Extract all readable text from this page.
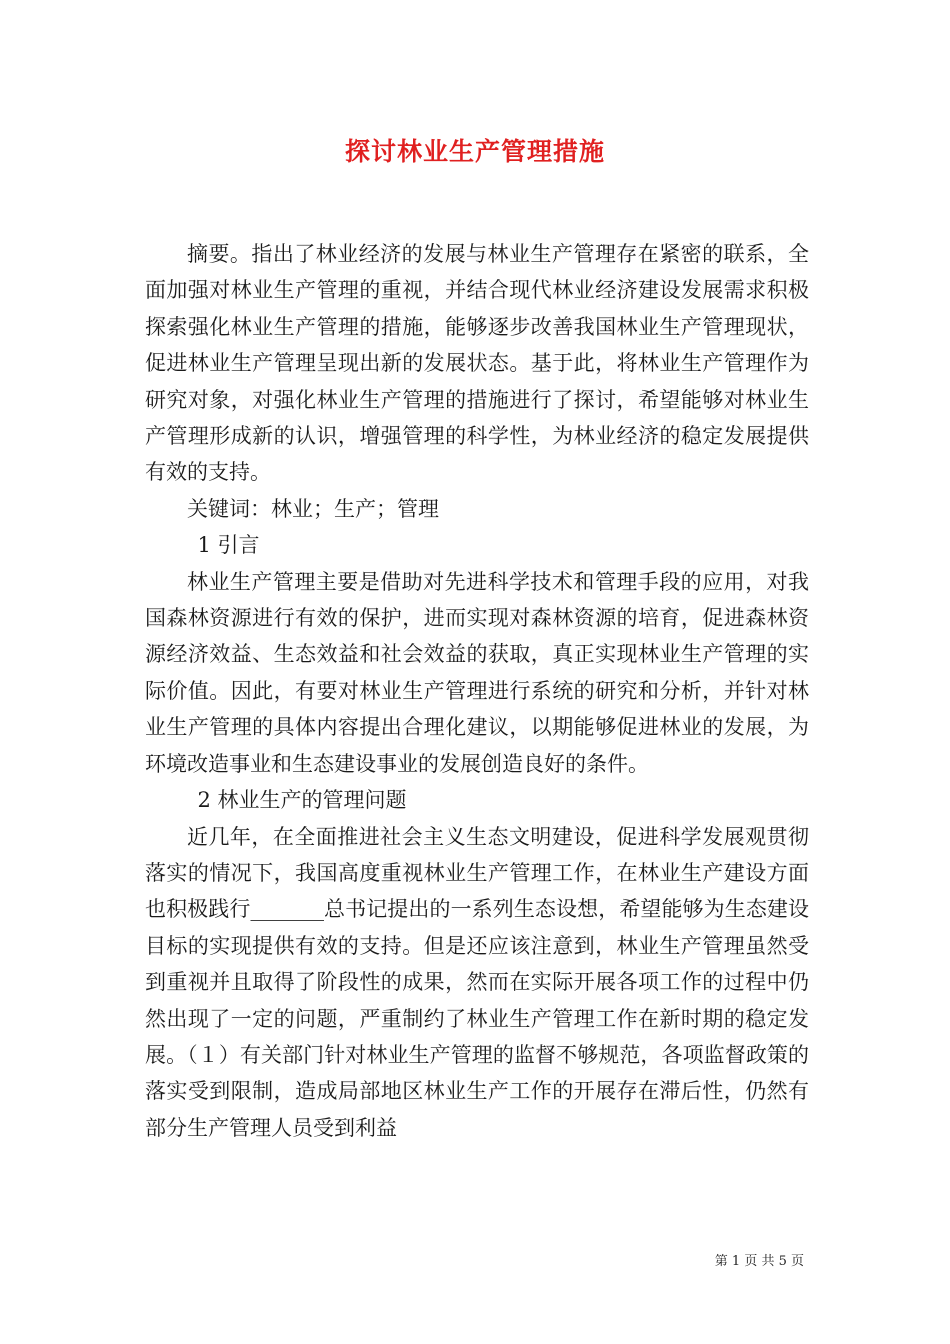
探讨林业生产管理措施

摘要。指出了林业经济的发展与林业生产管理存在紧密的联系，全面加强对林业生产管理的重视，并结合现代林业经济建设发展需求积极探索强化林业生产管理的措施，能够逐步改善我国林业生产管理现状，促进林业生产管理呈现出新的发展状态。基于此，将林业生产管理作为研究对象，对强化林业生产管理的措施进行了探讨，希望能够对林业生产管理形成新的认识，增强管理的科学性，为林业经济的稳定发展提供有效的支持。

关键词：林业；生产；管理

1 引言

林业生产管理主要是借助对先进科学技术和管理手段的应用，对我国森林资源进行有效的保护，进而实现对森林资源的培育，促进森林资源经济效益、生态效益和社会效益的获取，真正实现林业生产管理的实际价值。因此，有要对林业生产管理进行系统的研究和分析，并针对林业生产管理的具体内容提出合理化建议，以期能够促进林业的发展，为环境改造事业和生态建设事业的发展创造良好的条件。

2 林业生产的管理问题

近几年，在全面推进社会主义生态文明建设，促进科学发展观贯彻落实的情况下，我国高度重视林业生产管理工作，在林业生产建设方面也积极践行_______总书记提出的一系列生态设想，希望能够为生态建设目标的实现提供有效的支持。但是还应该注意到，林业生产管理虽然受到重视并且取得了阶段性的成果，然而在实际开展各项工作的过程中仍然出现了一定的问题，严重制约了林业生产管理工作在新时期的稳定发展。（１）有关部门针对林业生产管理的监督不够规范，各项监督政策的落实受到限制，造成局部地区林业生产工作的开展存在滞后性，仍然有部分生产管理人员受到利益

第 1 页 共 5 页
